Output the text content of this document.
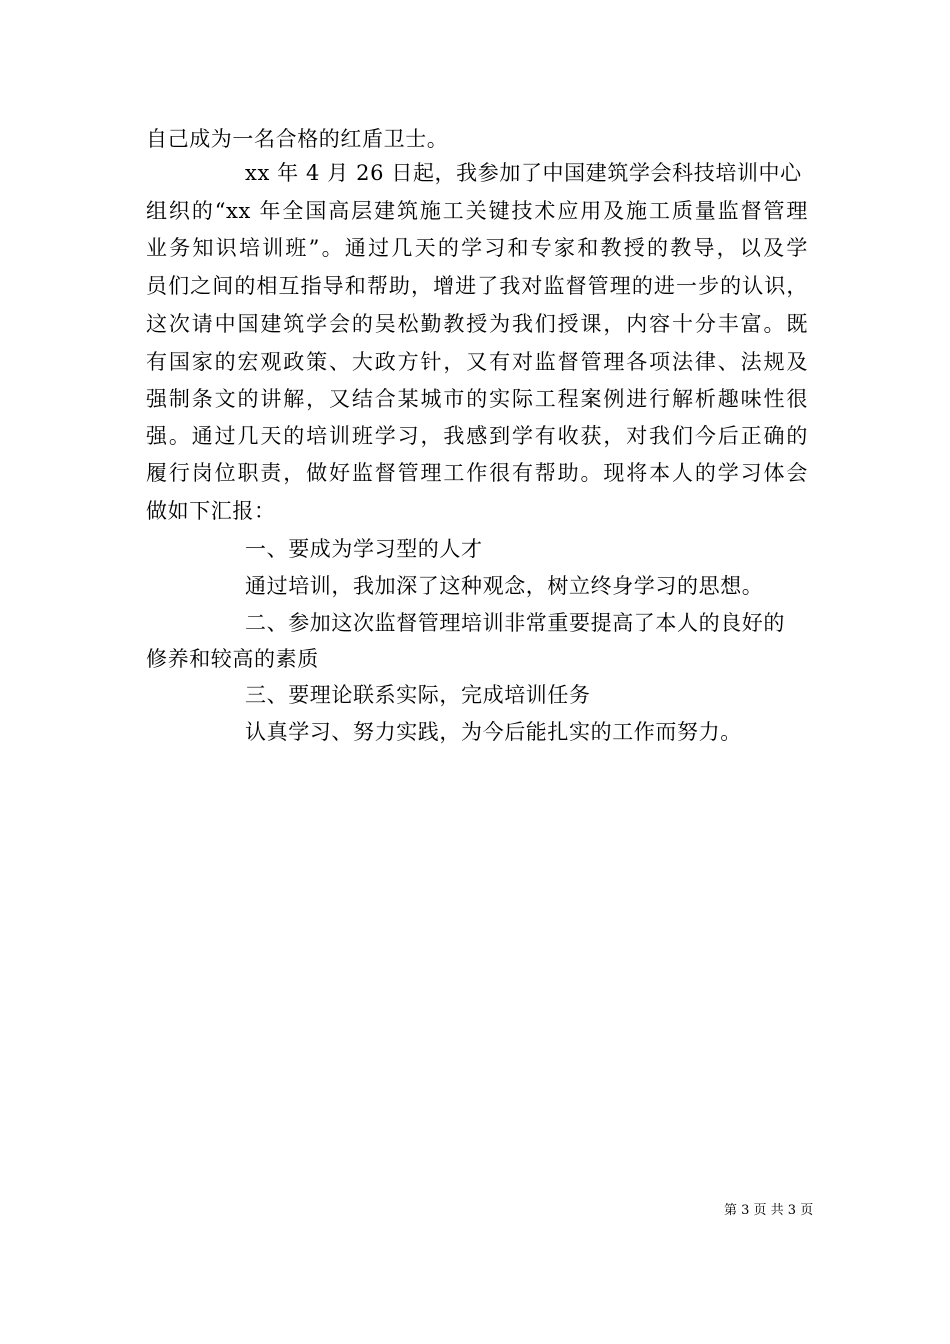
自己成为一名合格的红盾卫士。
xx 年 4 月 26 日起，我参加了中国建筑学会科技培训中心
组织的“xx 年全国高层建筑施工关键技术应用及施工质量监督管理
业务知识培训班”。通过几天的学习和专家和教授的教导，以及学
员们之间的相互指导和帮助，增进了我对监督管理的进一步的认识，
这次请中国建筑学会的吴松勤教授为我们授课，内容十分丰富。既
有国家的宏观政策、大政方针，又有对监督管理各项法律、法规及
强制条文的讲解，又结合某城市的实际工程案例进行解析趣味性很
强。通过几天的培训班学习，我感到学有收获，对我们今后正确的
履行岗位职责，做好监督管理工作很有帮助。现将本人的学习体会
做如下汇报：
一、要成为学习型的人才
通过培训，我加深了这种观念，树立终身学习的思想。
二、参加这次监督管理培训非常重要提高了本人的良好的
修养和较高的素质
三、要理论联系实际，完成培训任务
认真学习、努力实践，为今后能扎实的工作而努力。
第 3 页 共 3 页
